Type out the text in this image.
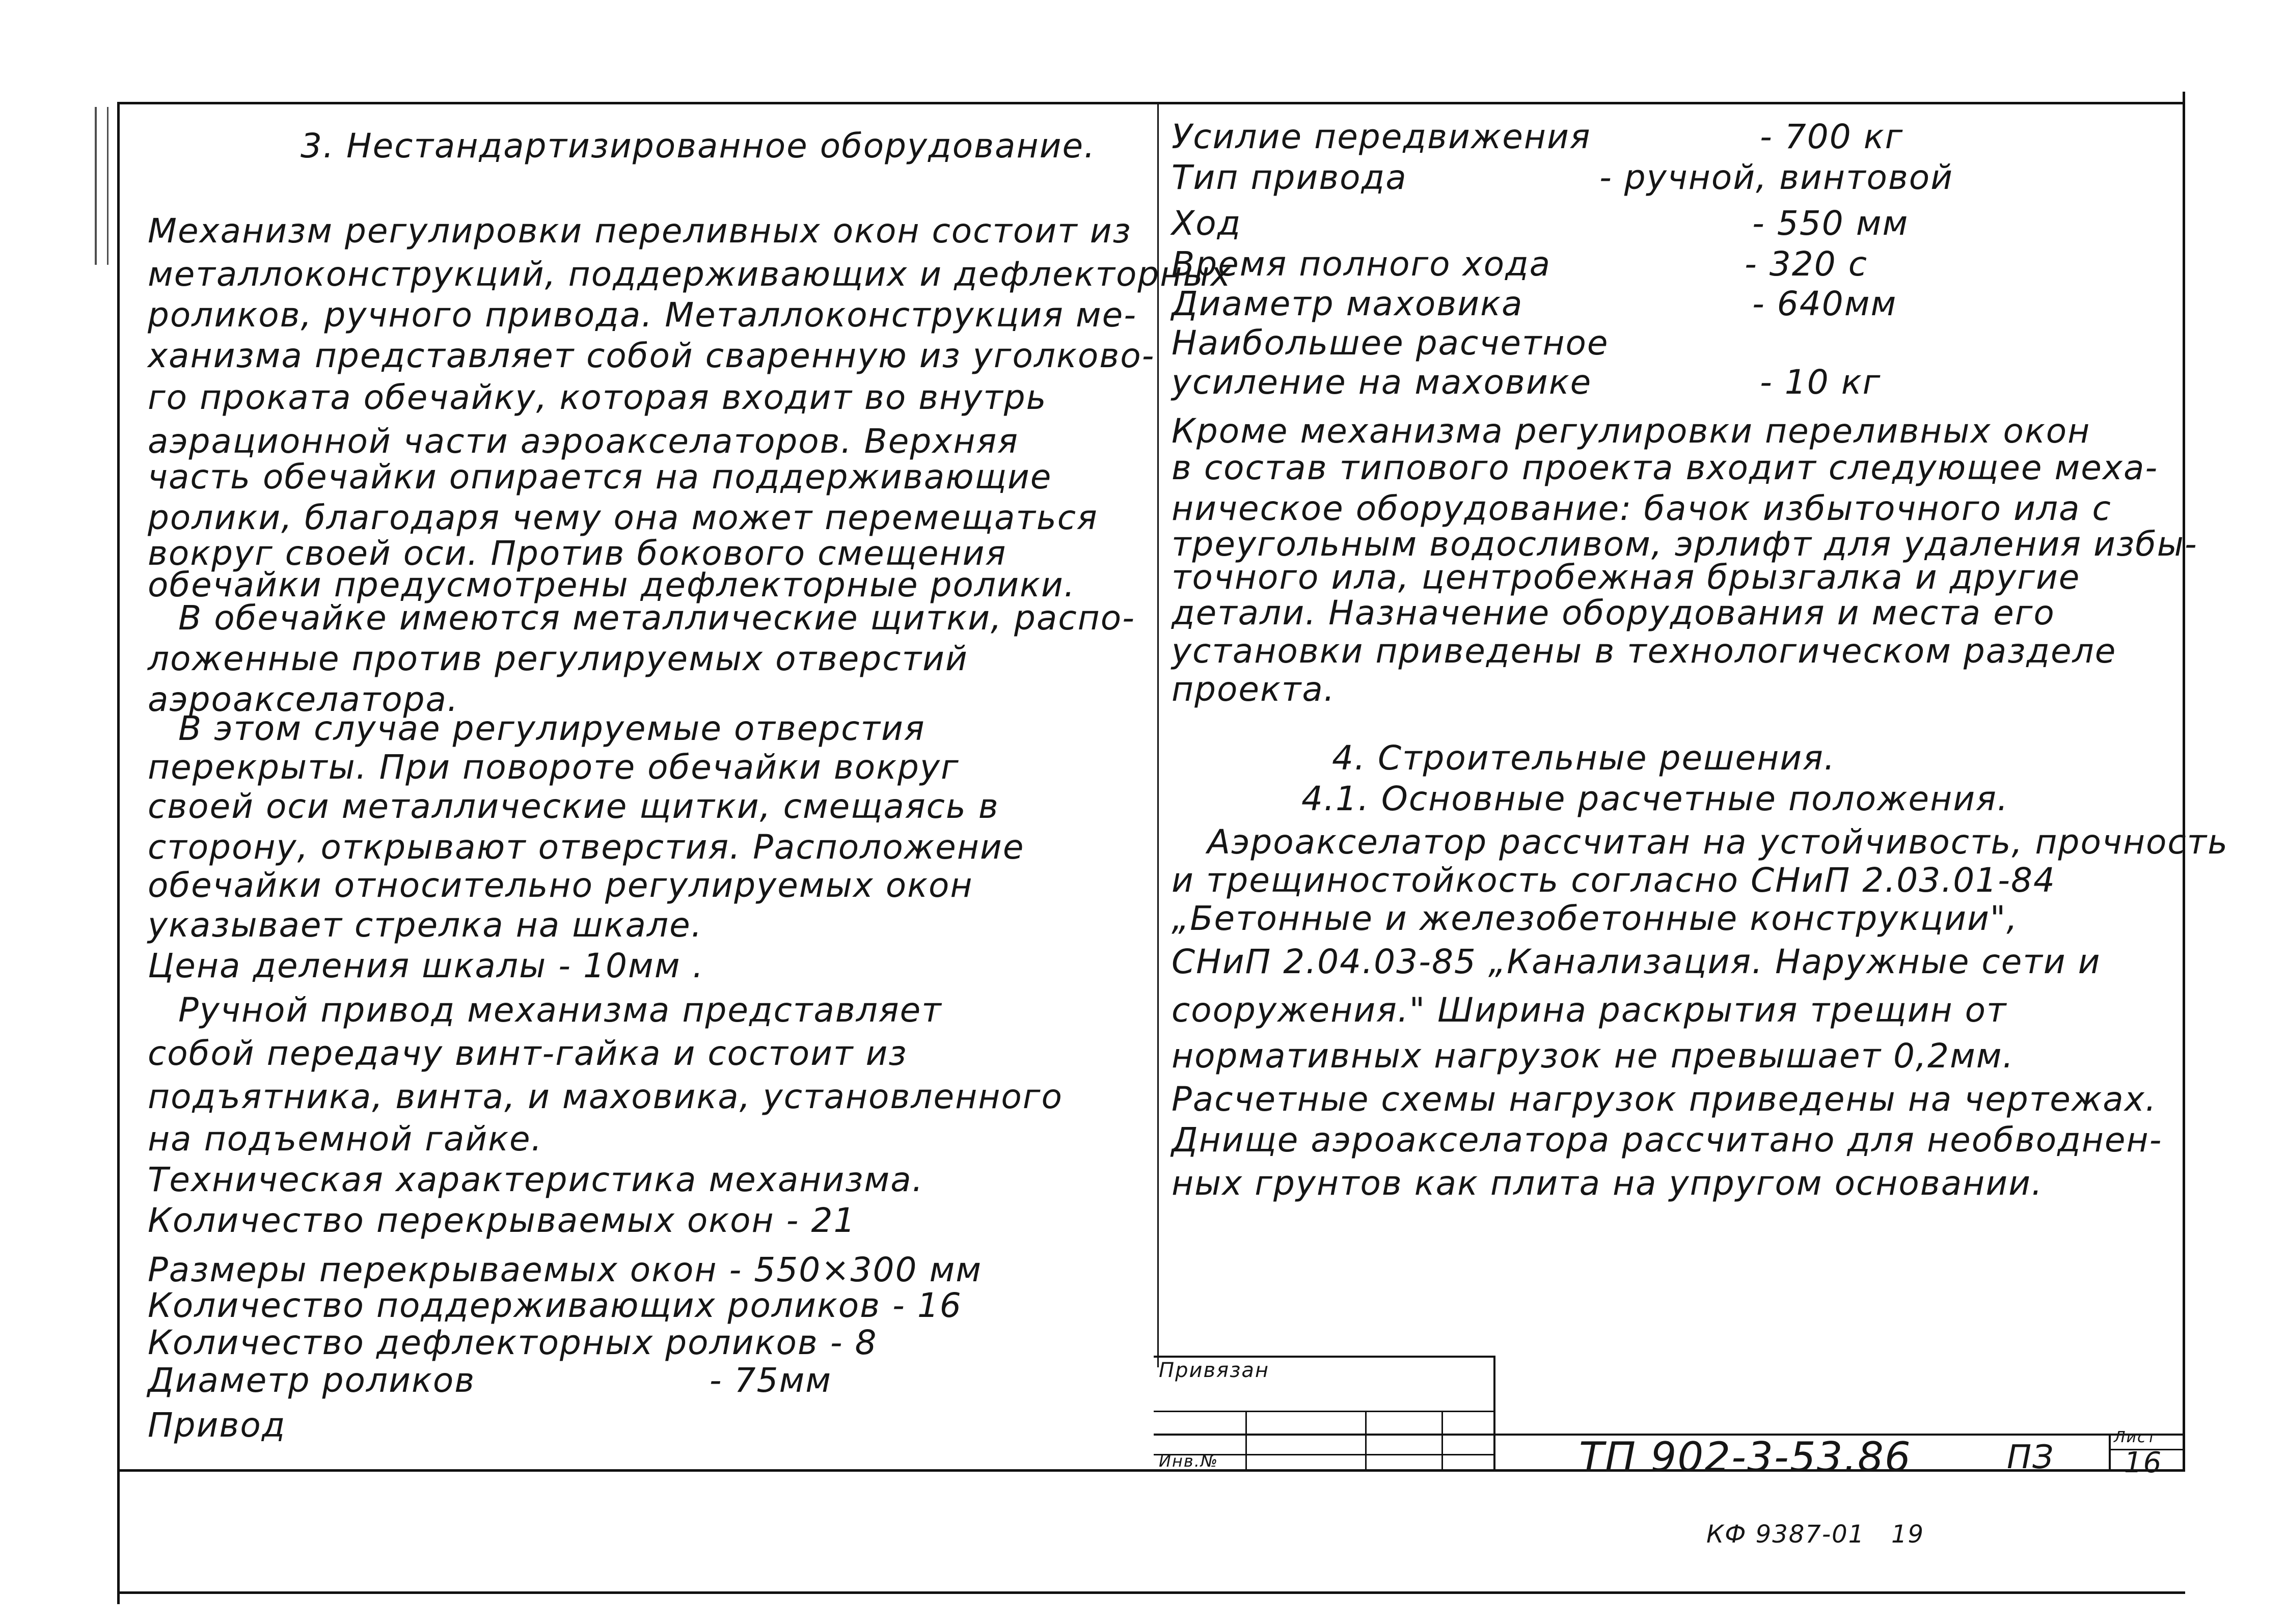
3. Нестандартизированное оборудование.
Механизм регулировки переливных окон состоит из
металлоконструкций, поддерживающих и дефлекторных
роликов, ручного привода. Металлоконструкция ме-
ханизма представляет собой сваренную из уголково-
го проката обечайку, которая входит во внутрь
аэрационной части аэроакселаторов. Верхняя
часть обечайки опирается на поддерживающие
ролики, благодаря чему она может перемещаться
вокруг своей оси. Против бокового смещения
обечайки предусмотрены дефлекторные ролики.
В обечайке имеются металлические щитки, распо-
ложенные против регулируемых отверстий
аэроакселатора.
В этом случае регулируемые отверстия
перекрыты. При повороте обечайки вокруг
своей оси металлические щитки, смещаясь в
сторону, открывают отверстия. Расположение
обечайки относительно регулируемых окон
указывает стрелка на шкале.
Цена деления шкалы - 10мм .
Ручной привод механизма представляет
собой передачу винт-гайка и состоит из
подъятника, винта, и маховика, установленного
на подъемной гайке.
Техническая характеристика механизма.
Количество перекрываемых окон - 21
Размеры перекрываемых окон - 550×300 мм
Количество поддерживающих роликов - 16
Количество дефлекторных роликов - 8
Диаметр роликов                    - 75мм
Привод
Усилие передвижения	- 700 кг
Тип привода	- ручной, винтовой
Ход	- 550 мм
Время полного хода	- 320 с
Диаметр маховика	- 640мм
Наибольшее расчетное
усиление на маховике	- 10 кг
Кроме механизма регулировки переливных окон
в состав типового проекта входит следующее меха-
ническое оборудование: бачок избыточного ила с
треугольным водосливом, эрлифт для удаления избы-
точного ила, центробежная брызгалка и другие
детали. Назначение оборудования и места его
установки приведены в технологическом разделе
проекта.
4. Строительные решения.
4.1. Основные расчетные положения.
Аэроакселатор рассчитан на устойчивость, прочность
и трещиностойкость согласно СНиП 2.03.01-84
„Бетонные и железобетонные конструкции",
СНиП 2.04.03-85 „Канализация. Наружные сети и
сооружения." Ширина раскрытия трещин от
нормативных нагрузок не превышает 0,2мм.
Расчетные схемы нагрузок приведены на чертежах.
Днище аэроакселатора рассчитано для необводнен-
ных грунтов как плита на упругом основании.
Привязан
Инв.№	ТП 902-3-53.86	ПЗ
Лист
16
КФ 9387-01   19
